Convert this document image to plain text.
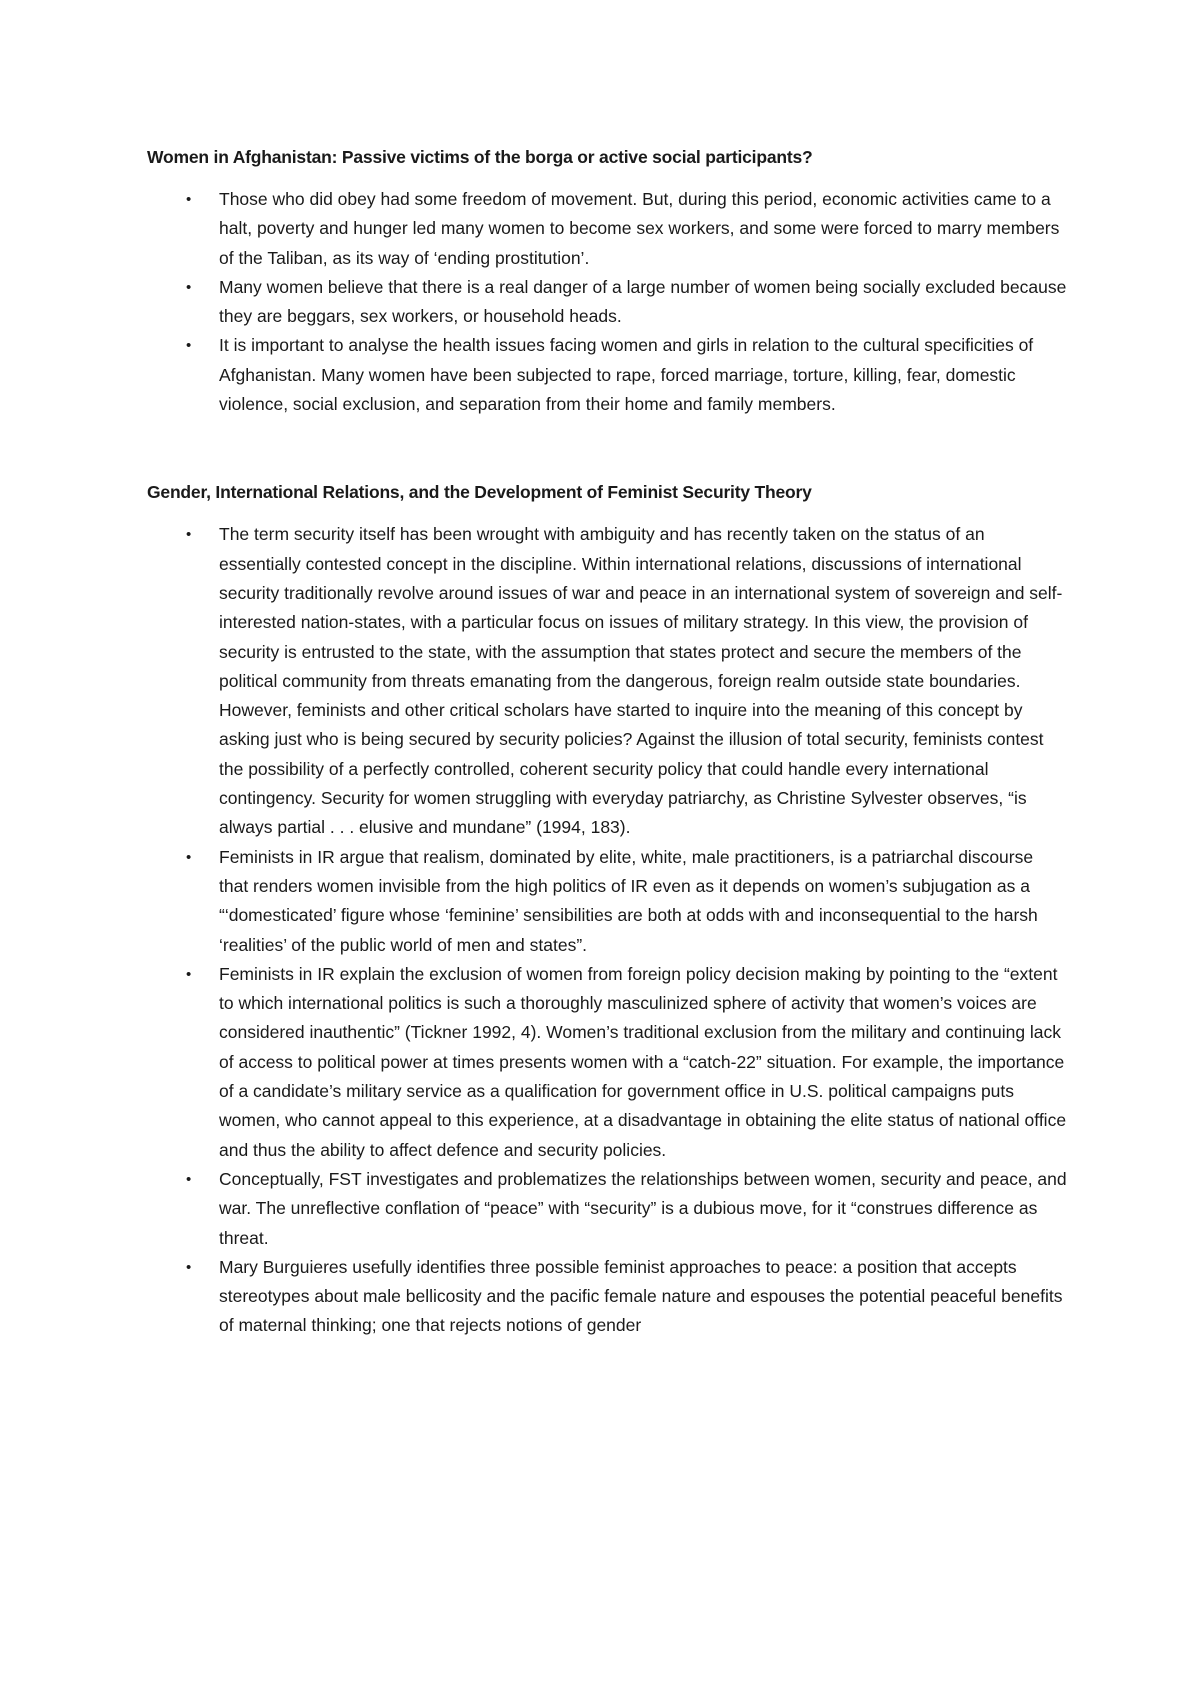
Women in Afghanistan: Passive victims of the borga or active social participants?
• Those who did obey had some freedom of movement. But, during this period, economic activities came to a halt, poverty and hunger led many women to become sex workers, and some were forced to marry members of the Taliban, as its way of ‘ending prostitution’.
• Many women believe that there is a real danger of a large number of women being socially excluded because they are beggars, sex workers, or household heads.
• It is important to analyse the health issues facing women and girls in relation to the cultural specificities of Afghanistan. Many women have been subjected to rape, forced marriage, torture, killing, fear, domestic violence, social exclusion, and separation from their home and family members.
Gender, International Relations, and the Development of Feminist Security Theory
• The term security itself has been wrought with ambiguity and has recently taken on the status of an essentially contested concept in the discipline. Within international relations, discussions of international security traditionally revolve around issues of war and peace in an international system of sovereign and self-interested nation-states, with a particular focus on issues of military strategy. In this view, the provision of security is entrusted to the state, with the assumption that states protect and secure the members of the political community from threats emanating from the dangerous, foreign realm outside state boundaries. However, feminists and other critical scholars have started to inquire into the meaning of this concept by asking just who is being secured by security policies? Against the illusion of total security, feminists contest the possibility of a perfectly controlled, coherent security policy that could handle every international contingency. Security for women struggling with everyday patriarchy, as Christine Sylvester observes, “is always partial . . . elusive and mundane” (1994, 183).
• Feminists in IR argue that realism, dominated by elite, white, male practitioners, is a patriarchal discourse that renders women invisible from the high politics of IR even as it depends on women’s subjugation as a “‘domesticated’ figure whose ‘feminine’ sensibilities are both at odds with and inconsequential to the harsh ‘realities’ of the public world of men and states”.
• Feminists in IR explain the exclusion of women from foreign policy decision making by pointing to the “extent to which international politics is such a thoroughly masculinized sphere of activity that women’s voices are considered inauthentic” (Tickner 1992, 4). Women’s traditional exclusion from the military and continuing lack of access to political power at times presents women with a “catch-22” situation. For example, the importance of a candidate’s military service as a qualification for government office in U.S. political campaigns puts women, who cannot appeal to this experience, at a disadvantage in obtaining the elite status of national office and thus the ability to affect defence and security policies.
• Conceptually, FST investigates and problematizes the relationships between women, security and peace, and war. The unreflective conflation of “peace” with “security” is a dubious move, for it “construes difference as threat.
• Mary Burguieres usefully identifies three possible feminist approaches to peace: a position that accepts stereotypes about male bellicosity and the pacific female nature and espouses the potential peaceful benefits of maternal thinking; one that rejects notions of gender
